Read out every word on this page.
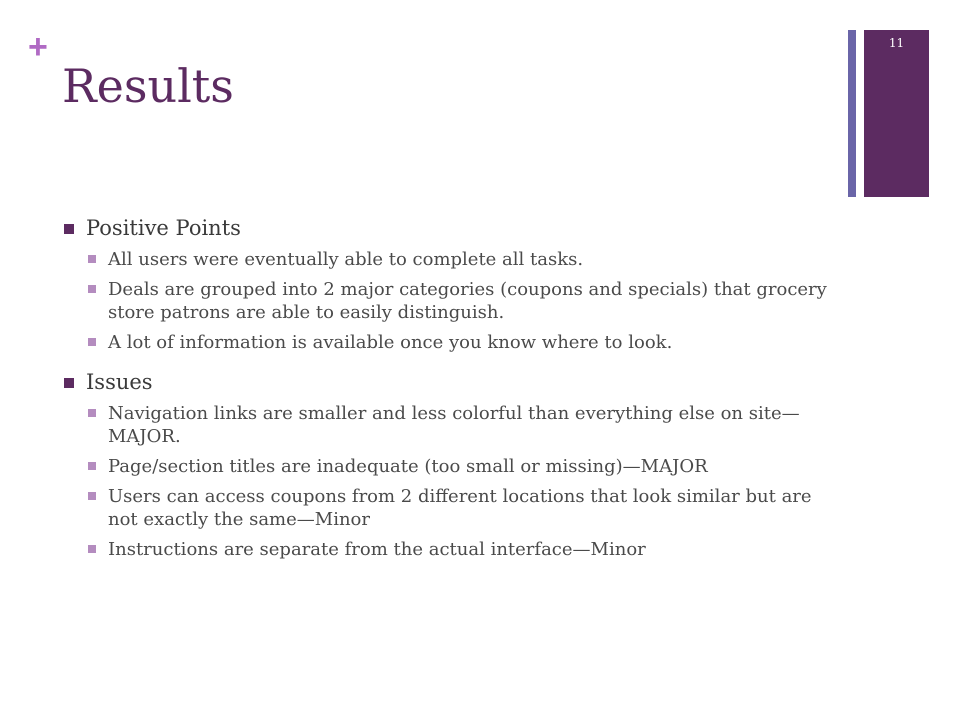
+
Results
11
Positive Points
All users were eventually able to complete all tasks.
Deals are grouped into 2 major categories (coupons and specials) that grocery store patrons are able to easily distinguish.
A lot of information is available once you know where to look.
Issues
Navigation links are smaller and less colorful than everything else on site—MAJOR.
Page/section titles are inadequate (too small or missing)—MAJOR
Users can access coupons from 2 different locations that look similar but are not exactly the same—Minor
Instructions are separate from the actual interface—Minor
